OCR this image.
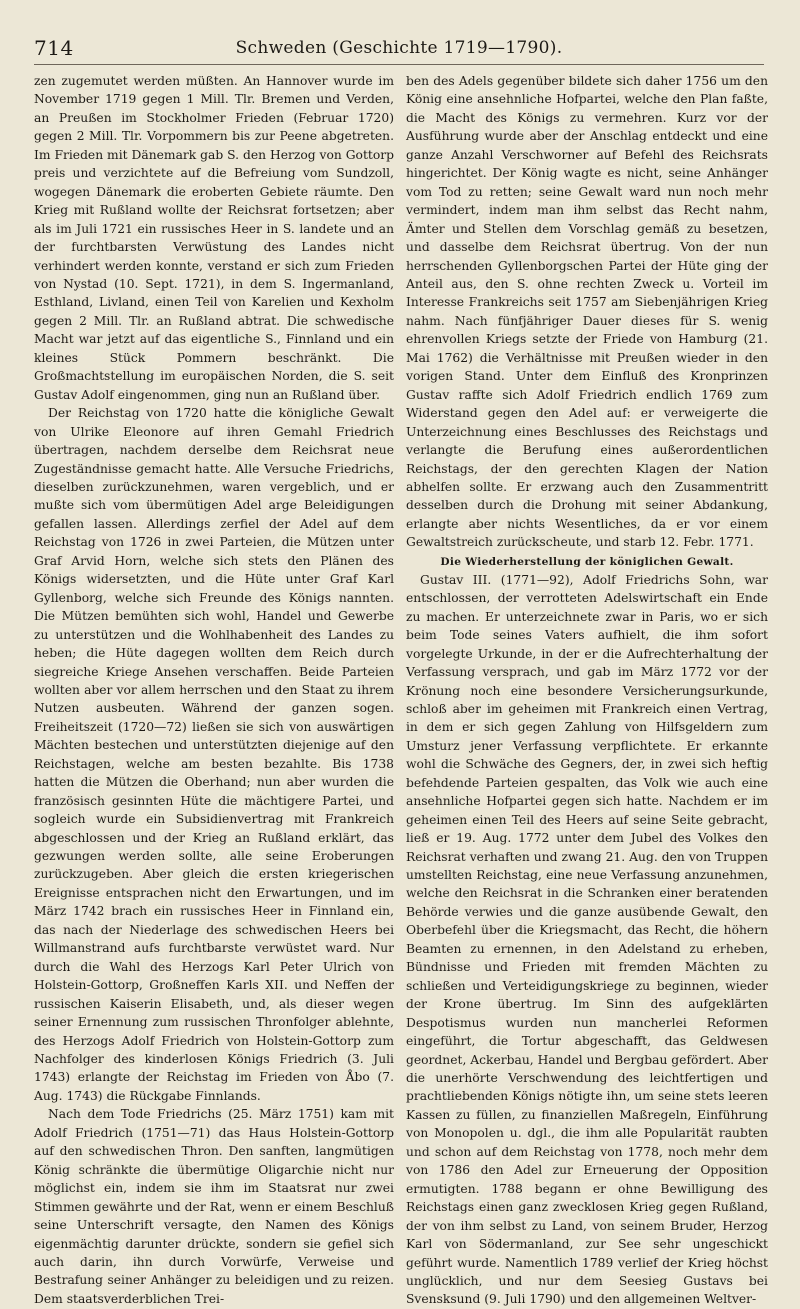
714	Schweden (Geschichte 1719—1790).

zen zugemutet werden müßten. An Hannover wurde im November 1719 gegen 1 Mill. Tlr. Bremen und Verden, an Preußen im Stockholmer Frieden (Februar 1720) gegen 2 Mill. Tlr. Vorpommern bis zur Peene abgetreten. Im Frieden mit Dänemark gab S. den Herzog von Gottorp preis und verzichtete auf die Befreiung vom Sundzoll, wogegen Dänemark die eroberten Gebiete räumte. Den Krieg mit Rußland wollte der Reichsrat fortsetzen; aber als im Juli 1721 ein russisches Heer in S. landete und an der furchtbarsten Verwüstung des Landes nicht verhindert werden konnte, verstand er sich zum Frieden von Nystad (10. Sept. 1721), in dem S. Ingermanland, Esthland, Livland, einen Teil von Karelien und Kexholm gegen 2 Mill. Tlr. an Rußland abtrat. Die schwedische Macht war jetzt auf das eigentliche S., Finnland und ein kleines Stück Pommern beschränkt. Die Großmachtstellung im europäischen Norden, die S. seit Gustav Adolf eingenommen, ging nun an Rußland über.

Der Reichstag von 1720 hatte die königliche Gewalt von Ulrike Eleonore auf ihren Gemahl Friedrich übertragen, nachdem derselbe dem Reichsrat neue Zugeständnisse gemacht hatte. Alle Versuche Friedrichs, dieselben zurückzunehmen, waren vergeblich, und er mußte sich vom übermütigen Adel arge Beleidigungen gefallen lassen. Allerdings zerfiel der Adel auf dem Reichstag von 1726 in zwei Parteien, die Mützen unter Graf Arvid Horn, welche sich stets den Plänen des Königs widersetzten, und die Hüte unter Graf Karl Gyllenborg, welche sich Freunde des Königs nannten. Die Mützen bemühten sich wohl, Handel und Gewerbe zu unterstützen und die Wohlhabenheit des Landes zu heben; die Hüte dagegen wollten dem Reich durch siegreiche Kriege Ansehen verschaffen. Beide Parteien wollten aber vor allem herrschen und den Staat zu ihrem Nutzen ausbeuten. Während der ganzen sogen. Freiheitszeit (1720—72) ließen sie sich von auswärtigen Mächten bestechen und unterstützten diejenige auf den Reichstagen, welche am besten bezahlte. Bis 1738 hatten die Mützen die Oberhand; nun aber wurden die französisch gesinnten Hüte die mächtigere Partei, und sogleich wurde ein Subsidienvertrag mit Frankreich abgeschlossen und der Krieg an Rußland erklärt, das gezwungen werden sollte, alle seine Eroberungen zurückzugeben. Aber gleich die ersten kriegerischen Ereignisse entsprachen nicht den Erwartungen, und im März 1742 brach ein russisches Heer in Finnland ein, das nach der Niederlage des schwedischen Heers bei Willmanstrand aufs furchtbarste verwüstet ward. Nur durch die Wahl des Herzogs Karl Peter Ulrich von Holstein-Gottorp, Großneffen Karls XII. und Neffen der russischen Kaiserin Elisabeth, und, als dieser wegen seiner Ernennung zum russischen Thronfolger ablehnte, des Herzogs Adolf Friedrich von Holstein-Gottorp zum Nachfolger des kinderlosen Königs Friedrich (3. Juli 1743) erlangte der Reichstag im Frieden von Åbo (7. Aug. 1743) die Rückgabe Finnlands.

Nach dem Tode Friedrichs (25. März 1751) kam mit Adolf Friedrich (1751—71) das Haus Holstein-Gottorp auf den schwedischen Thron. Den sanften, langmütigen König schränkte die übermütige Oligarchie nicht nur möglichst ein, indem sie ihm im Staatsrat nur zwei Stimmen gewährte und der Rat, wenn er einem Beschluß seine Unterschrift versagte, den Namen des Königs eigenmächtig darunter drückte, sondern sie gefiel sich auch darin, ihn durch Vorwürfe, Verweise und Bestrafung seiner Anhänger zu beleidigen und zu reizen. Dem staatsverderblichen Trei-

ben des Adels gegenüber bildete sich daher 1756 um den König eine ansehnliche Hofpartei, welche den Plan faßte, die Macht des Königs zu vermehren. Kurz vor der Ausführung wurde aber der Anschlag entdeckt und eine ganze Anzahl Verschworner auf Befehl des Reichsrats hingerichtet. Der König wagte es nicht, seine Anhänger vom Tod zu retten; seine Gewalt ward nun noch mehr vermindert, indem man ihm selbst das Recht nahm, Ämter und Stellen dem Vorschlag gemäß zu besetzen, und dasselbe dem Reichsrat übertrug. Von der nun herrschenden Gyllenborgschen Partei der Hüte ging der Anteil aus, den S. ohne rechten Zweck u. Vorteil im Interesse Frankreichs seit 1757 am Siebenjährigen Krieg nahm. Nach fünfjähriger Dauer dieses für S. wenig ehrenvollen Kriegs setzte der Friede von Hamburg (21. Mai 1762) die Verhältnisse mit Preußen wieder in den vorigen Stand. Unter dem Einfluß des Kronprinzen Gustav raffte sich Adolf Friedrich endlich 1769 zum Widerstand gegen den Adel auf: er verweigerte die Unterzeichnung eines Beschlusses des Reichstags und verlangte die Berufung eines außerordentlichen Reichstags, der den gerechten Klagen der Nation abhelfen sollte. Er erzwang auch den Zusammentritt desselben durch die Drohung mit seiner Abdankung, erlangte aber nichts Wesentliches, da er vor einem Gewaltstreich zurückscheute, und starb 12. Febr. 1771.

Die Wiederherstellung der königlichen Gewalt.

Gustav III. (1771—92), Adolf Friedrichs Sohn, war entschlossen, der verrotteten Adelswirtschaft ein Ende zu machen. Er unterzeichnete zwar in Paris, wo er sich beim Tode seines Vaters aufhielt, die ihm sofort vorgelegte Urkunde, in der er die Aufrechterhaltung der Verfassung versprach, und gab im März 1772 vor der Krönung noch eine besondere Versicherungsurkunde, schloß aber im geheimen mit Frankreich einen Vertrag, in dem er sich gegen Zahlung von Hilfsgeldern zum Umsturz jener Verfassung verpflichtete. Er erkannte wohl die Schwäche des Gegners, der, in zwei sich heftig befehdende Parteien gespalten, das Volk wie auch eine ansehnliche Hofpartei gegen sich hatte. Nachdem er im geheimen einen Teil des Heers auf seine Seite gebracht, ließ er 19. Aug. 1772 unter dem Jubel des Volkes den Reichsrat verhaften und zwang 21. Aug. den von Truppen umstellten Reichstag, eine neue Verfassung anzunehmen, welche den Reichsrat in die Schranken einer beratenden Behörde verwies und die ganze ausübende Gewalt, den Oberbefehl über die Kriegsmacht, das Recht, die höhern Beamten zu ernennen, in den Adelstand zu erheben, Bündnisse und Frieden mit fremden Mächten zu schließen und Verteidigungskriege zu beginnen, wieder der Krone übertrug. Im Sinn des aufgeklärten Despotismus wurden nun mancherlei Reformen eingeführt, die Tortur abgeschafft, das Geldwesen geordnet, Ackerbau, Handel und Bergbau gefördert. Aber die unerhörte Verschwendung des leichtfertigen und prachtliebenden Königs nötigte ihn, um seine stets leeren Kassen zu füllen, zu finanziellen Maßregeln, Einführung von Monopolen u. dgl., die ihm alle Popularität raubten und schon auf dem Reichstag von 1778, noch mehr dem von 1786 den Adel zur Erneuerung der Opposition ermutigten. 1788 begann er ohne Bewilligung des Reichstags einen ganz zwecklosen Krieg gegen Rußland, der von ihm selbst zu Land, von seinem Bruder, Herzog Karl von Södermanland, zur See sehr ungeschickt geführt wurde. Namentlich 1789 verlief der Krieg höchst unglücklich, und nur dem Seesieg Gustavs bei Svensksund (9. Juli 1790) und den allgemeinen Weltver-
